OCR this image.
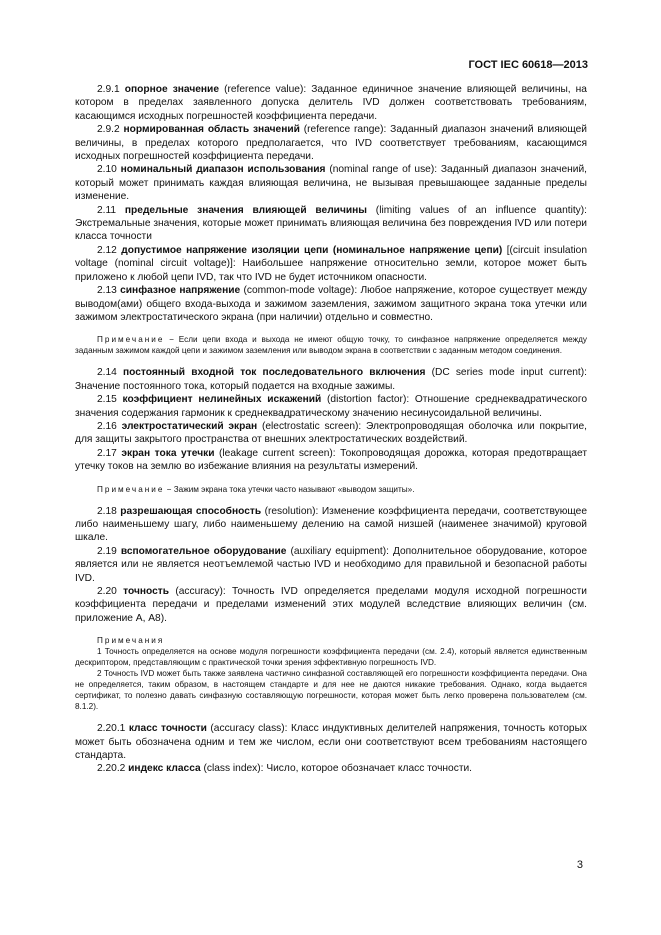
ГОСТ IEC 60618—2013

2.9.1 опорное значение (reference value): Заданное единичное значение влияющей величины, на котором в пределах заявленного допуска делитель IVD должен соответствовать требованиям, касающимся исходных погрешностей коэффициента передачи.

2.9.2 нормированная область значений (reference range): Заданный диапазон значений влияющей величины, в пределах которого предполагается, что IVD соответствует требованиям, касающимся исходных погрешностей коэффициента передачи.

2.10 номинальный диапазон использования (nominal range of use): Заданный диапазон значений, который может принимать каждая влияющая величина, не вызывая превышающее заданные пределы изменение.

2.11 предельные значения влияющей величины (limiting values of an influence quantity): Экстремальные значения, которые может принимать влияющая величина без повреждения IVD или потери класса точности

2.12 допустимое напряжение изоляции цепи (номинальное напряжение цепи) [(circuit insulation voltage (nominal circuit voltage)]: Наибольшее напряжение относительно земли, которое может быть приложено к любой цепи IVD, так что IVD не будет источником опасности.

2.13 синфазное напряжение (common-mode voltage): Любое напряжение, которое существует между выводом(ами) общего входа-выхода и зажимом заземления, зажимом защитного экрана тока утечки или зажимом электростатического экрана (при наличии) отдельно и совместно.

Примечание − Если цепи входа и выхода не имеют общую точку, то синфазное напряжение определяется между заданным зажимом каждой цепи и зажимом заземления или выводом экрана в соответствии с заданным методом соединения.

2.14 постоянный входной ток последовательного включения (DC series mode input current): Значение постоянного тока, который подается на входные зажимы.

2.15 коэффициент нелинейных искажений (distortion factor): Отношение среднеквадратического значения содержания гармоник к среднеквадратическому значению несинусоидальной величины.

2.16 электростатический экран (electrostatic screen): Электропроводящая оболочка или покрытие, для защиты закрытого пространства от внешних электростатических воздействий.

2.17 экран тока утечки (leakage current screen): Токопроводящая дорожка, которая предотвращает утечку токов на землю во избежание влияния на результаты измерений.

Примечание − Зажим экрана тока утечки часто называют «выводом защиты».

2.18 разрешающая способность (resolution): Изменение коэффициента передачи, соответствующее либо наименьшему шагу, либо наименьшему делению на самой низшей (наименее значимой) круговой шкале.

2.19 вспомогательное оборудование (auxiliary equipment): Дополнительное оборудование, которое является или не является неотъемлемой частью IVD и необходимо для правильной и безопасной работы IVD.

2.20 точность (accuracy): Точность IVD определяется пределами модуля исходной погрешности коэффициента передачи и пределами изменений этих модулей вследствие влияющих величин (см. приложение А, А8).

Примечания

1 Точность определяется на основе модуля погрешности коэффициента передачи (см. 2.4), который является единственным дескриптором, представляющим с практической точки зрения эффективную погрешность IVD.

2 Точность IVD может быть также заявлена частично синфазной составляющей его погрешности коэффициента передачи. Она не определяется, таким образом, в настоящем стандарте и для нее не даются никакие требования. Однако, когда выдается сертификат, то полезно давать синфазную составляющую погрешности, которая может быть легко проверена пользователем (см. 8.1.2).

2.20.1 класс точности (accuracy class): Класс индуктивных делителей напряжения, точность которых может быть обозначена одним и тем же числом, если они соответствуют всем требованиям настоящего стандарта.

2.20.2 индекс класса (class index): Число, которое обозначает класс точности.

3
